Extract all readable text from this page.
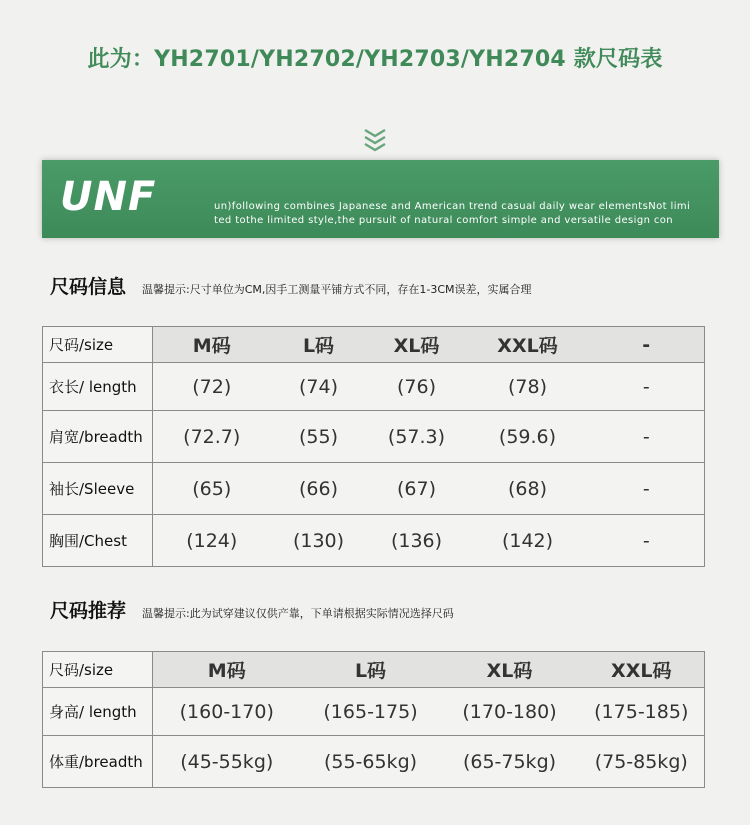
此为：YH2701/YH2702/YH2703/YH2704 款尺码表
UNF	un)following combines Japanese and American trend casual daily wear elementsNot limited tothe limited style,the pursuit of natural comfort simple and versatile design con
尺码信息 温馨提示:尺寸单位为CM,因手工测量平铺方式不同，存在1-3CM误差，实属合理
尺码/size	M码	L码	XL码	XXL码	-
衣长/ length	(72)	(74)	(76)	(78)	-
肩宽/breadth	(72.7)	(55)	(57.3)	(59.6)	-
袖长/Sleeve	(65)	(66)	(67)	(68)	-
胸围/Chest	(124)	(130)	(136)	(142)	-
尺码推荐 温馨提示:此为试穿建议仅供产靠，下单请根据实际情况选择尺码
尺码/size	M码	L码	XL码	XXL码
身高/ length	(160-170)	(165-175)	(170-180)	(175-185)
体重/breadth	(45-55kg)	(55-65kg)	(65-75kg)	(75-85kg)
